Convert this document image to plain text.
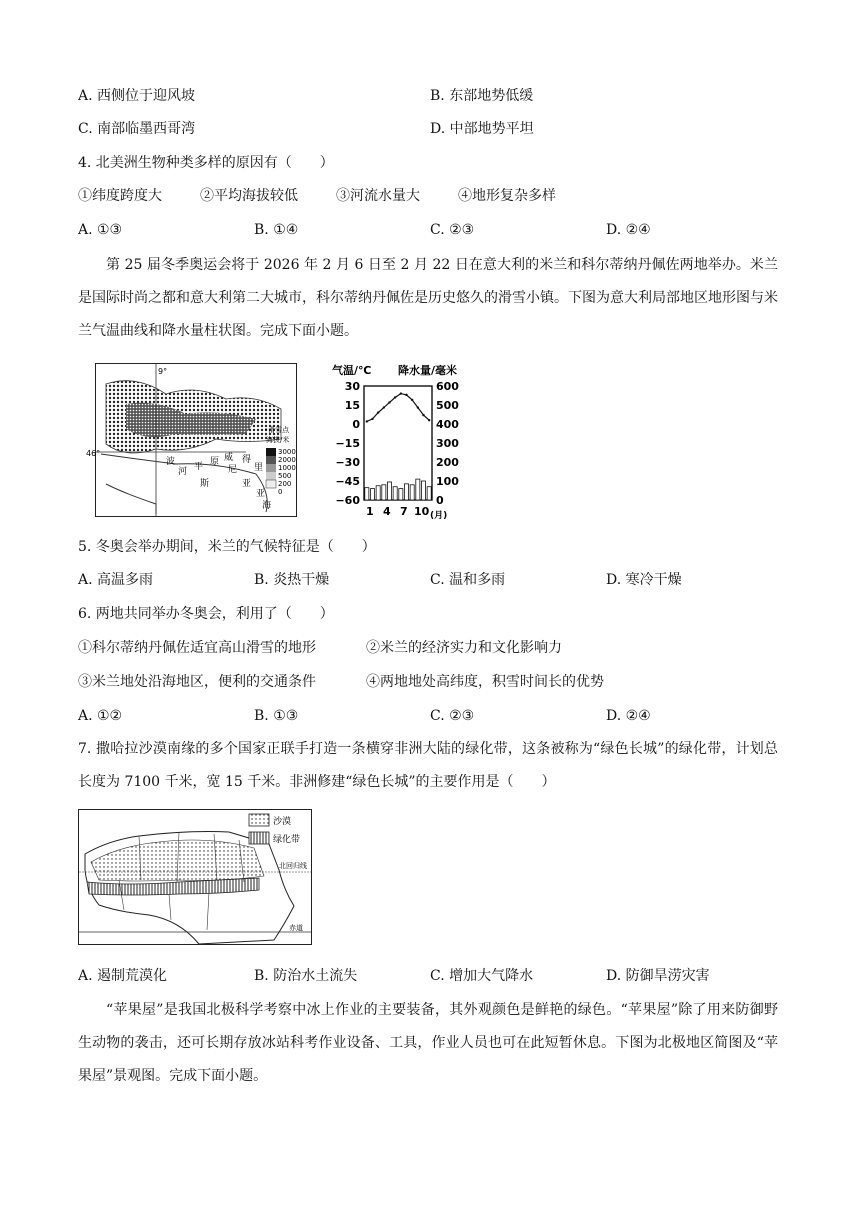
A. 西侧位于迎风坡	B. 东部地势低缓
C. 南部临墨西哥湾	D. 中部地势平坦
4. 北美洲生物种类多样的原因有（　　）
①纬度跨度大	②平均海拔较低	③河流水量大	④地形复杂多样
A. ①③	B. ①④	C. ②③	D. ②④
第 25 届冬季奥运会将于 2026 年 2 月 6 日至 2 月 22 日在意大利的米兰和科尔蒂纳丹佩佐两地举办。米兰是国际时尚之都和意大利第二大城市，科尔蒂纳丹佩佐是历史悠久的滑雪小镇。下图为意大利局部地区地形图与米兰气温曲线和降水量柱状图。完成下面小题。
9°
46°
波
河 平 原 威
尼
斯	亚
得
里
亚
海
•滑雪点
海拔/米
3000
2000
1000
500
200
0
气温/℃ 降水量/毫米
30
15
0
−15
−30
−45
−60
600
500
400
300
200
100
0
1 4 7 10 (月)
5. 冬奥会举办期间，米兰的气候特征是（　　）
A. 高温多雨	B. 炎热干燥	C. 温和多雨	D. 寒冷干燥
6. 两地共同举办冬奥会，利用了（　　）
①科尔蒂纳丹佩佐适宜高山滑雪的地形	②米兰的经济实力和文化影响力
③米兰地处沿海地区，便利的交通条件	④两地地处高纬度，积雪时间长的优势
A. ①②	B. ①③	C. ②③	D. ②④
7. 撒哈拉沙漠南缘的多个国家正联手打造一条横穿非洲大陆的绿化带，这条被称为“绿色长城”的绿化带，计划总长度为 7100 千米，宽 15 千米。非洲修建“绿色长城”的主要作用是（　　）
沙漠
绿化带
北回归线
赤道
A. 遏制荒漠化	B. 防治水土流失	C. 增加大气降水	D. 防御旱涝灾害
“苹果屋”是我国北极科学考察中冰上作业的主要装备，其外观颜色是鲜艳的绿色。“苹果屋”除了用来防御野生动物的袭击，还可长期存放冰站科考作业设备、工具，作业人员也可在此短暂休息。下图为北极地区简图及“苹果屋”景观图。完成下面小题。
